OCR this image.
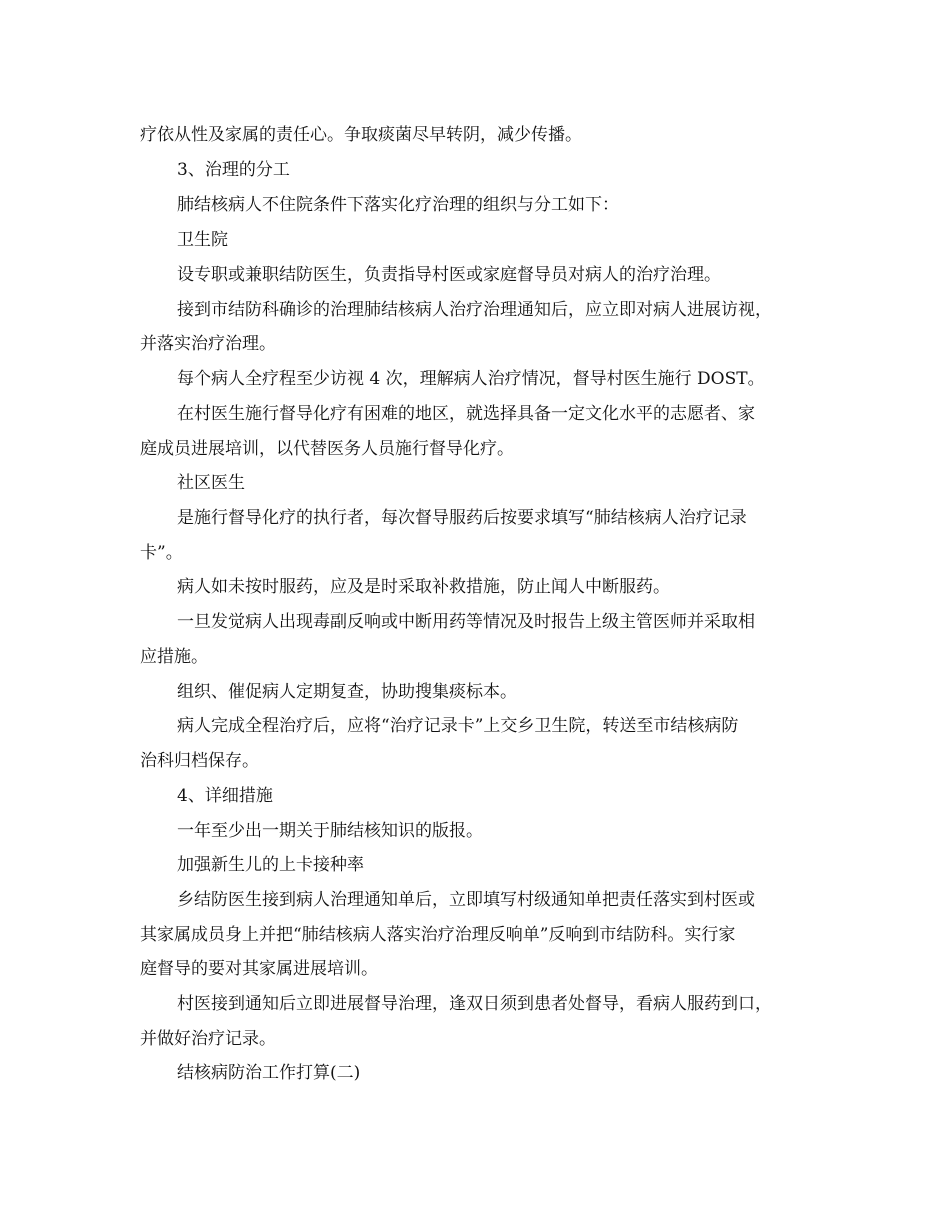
疗依从性及家属的责任心。争取痰菌尽早转阴，减少传播。
3、治理的分工
肺结核病人不住院条件下落实化疗治理的组织与分工如下：
卫生院
设专职或兼职结防医生，负责指导村医或家庭督导员对病人的治疗治理。
接到市结防科确诊的治理肺结核病人治疗治理通知后，应立即对病人进展访视，
并落实治疗治理。
每个病人全疗程至少访视 4 次，理解病人治疗情况，督导村医生施行 DOST。
在村医生施行督导化疗有困难的地区，就选择具备一定文化水平的志愿者、家
庭成员进展培训，以代替医务人员施行督导化疗。
社区医生
是施行督导化疗的执行者，每次督导服药后按要求填写“肺结核病人治疗记录
卡”。
病人如未按时服药，应及是时采取补救措施，防止闻人中断服药。
一旦发觉病人出现毒副反响或中断用药等情况及时报告上级主管医师并采取相
应措施。
组织、催促病人定期复查，协助搜集痰标本。
病人完成全程治疗后，应将“治疗记录卡”上交乡卫生院，转送至市结核病防
治科归档保存。
4、详细措施
一年至少出一期关于肺结核知识的版报。
加强新生儿的上卡接种率
乡结防医生接到病人治理通知单后，立即填写村级通知单把责任落实到村医或
其家属成员身上并把“肺结核病人落实治疗治理反响单”反响到市结防科。实行家
庭督导的要对其家属进展培训。
村医接到通知后立即进展督导治理，逢双日须到患者处督导，看病人服药到口，
并做好治疗记录。
结核病防治工作打算(二)
